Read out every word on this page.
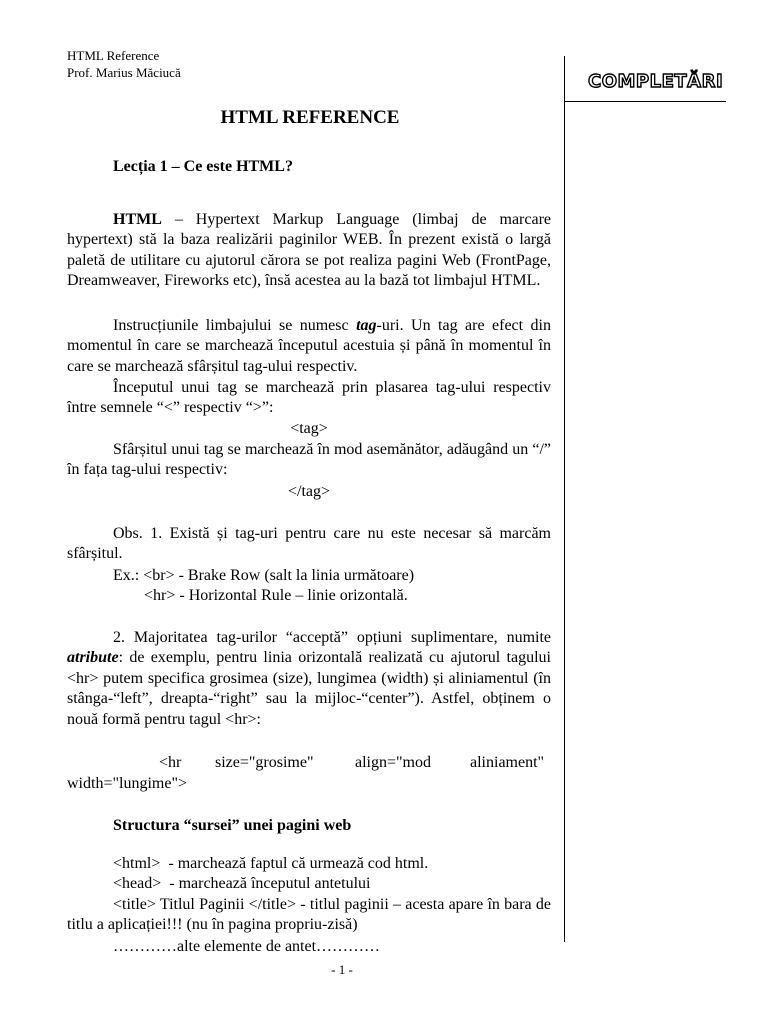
HTML Reference
Prof. Marius Măciucă	COMPLETĂRI
HTML REFERENCE
Lecția 1 – Ce este HTML?
HTML – Hypertext Markup Language (limbaj de marcare hypertext) stă la baza realizării paginilor WEB. În prezent există o largă paletă de utilitare cu ajutorul cărora se pot realiza pagini Web (FrontPage, Dreamweaver, Fireworks etc), însă acestea au la bază tot limbajul HTML.
Instrucțiunile limbajului se numesc tag-uri. Un tag are efect din momentul în care se marchează începutul acestuia și până în momentul în care se marchează sfârșitul tag-ului respectiv.
Începutul unui tag se marchează prin plasarea tag-ului respectiv între semnele “<” respectiv “>”:
<tag>
Sfârșitul unui tag se marchează în mod asemănător, adăugând un “/” în fața tag-ului respectiv:
</tag>
Obs. 1. Există și tag-uri pentru care nu este necesar să marcăm sfârșitul.
Ex.: <br> - Brake Row (salt la linia următoare)
<hr> - Horizontal Rule – linie orizontală.
2. Majoritatea tag-urilor “acceptă” opțiuni suplimentare, numite atribute: de exemplu, pentru linia orizontală realizată cu ajutorul tagului <hr> putem specifica grosimea (size), lungimea (width) și aliniamentul (în stânga-“left”, dreapta-“right” sau la mijloc-“center”). Astfel, obținem o nouă formă pentru tagul <hr>:
<hr size="grosime"	align="mod aliniament"
width="lungime">
Structura “sursei” unei pagini web
<html>  - marchează faptul că urmează cod html.
<head>  - marchează începutul antetului
<title> Titlul Paginii </title> - titlul paginii – acesta apare în bara de titlu a aplicației!!! (nu în pagina propriu-zisă)
…………alte elemente de antet…………
- 1 -
